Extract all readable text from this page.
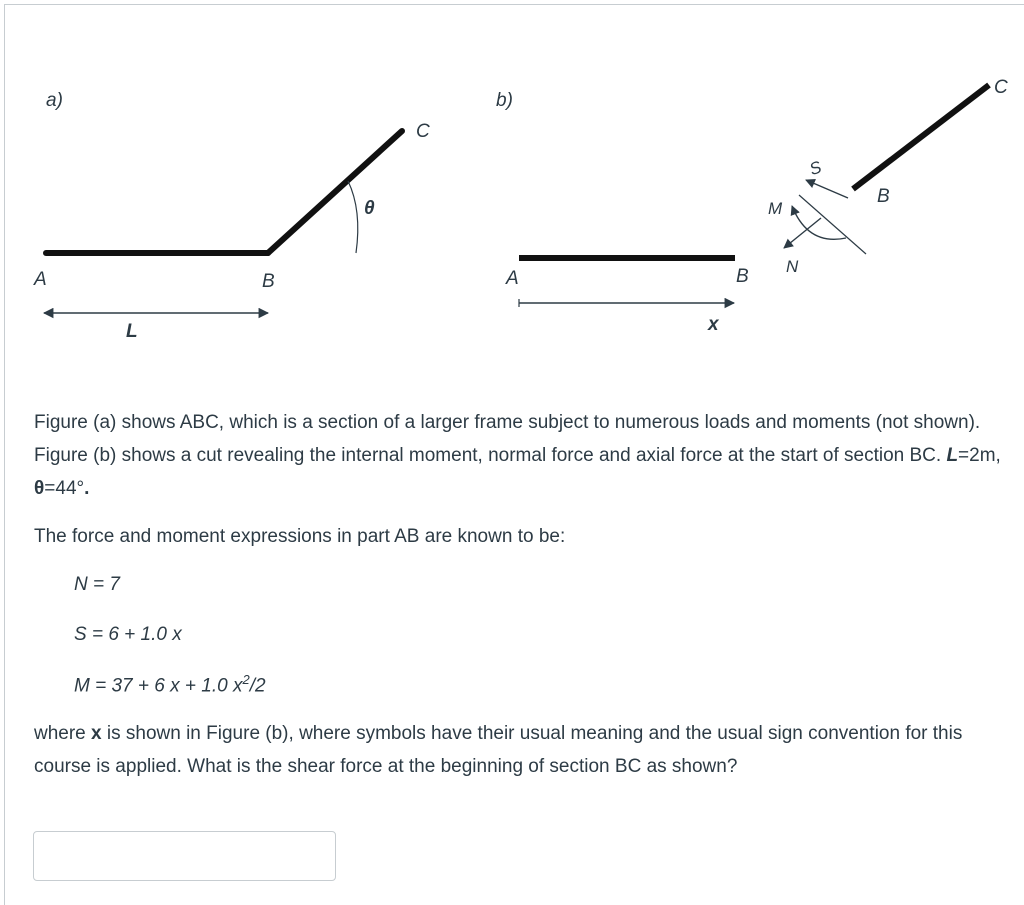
a)
θ
A	B
C
L
b)
A	B
x
B
C
S
N
M

Figure (a) shows ABC, which is a section of a larger frame subject to numerous loads and moments (not shown). Figure (b) shows a cut revealing the internal moment, normal force and axial force at the start of section BC. L=2m, θ=44°.

The force and moment expressions in part AB are known to be:

N = 7

S = 6 + 1.0 x

M = 37 + 6 x + 1.0 $x^2/2$

where x is shown in Figure (b), where symbols have their usual meaning and the usual sign convention for this course is applied. What is the shear force at the beginning of section BC as shown?
